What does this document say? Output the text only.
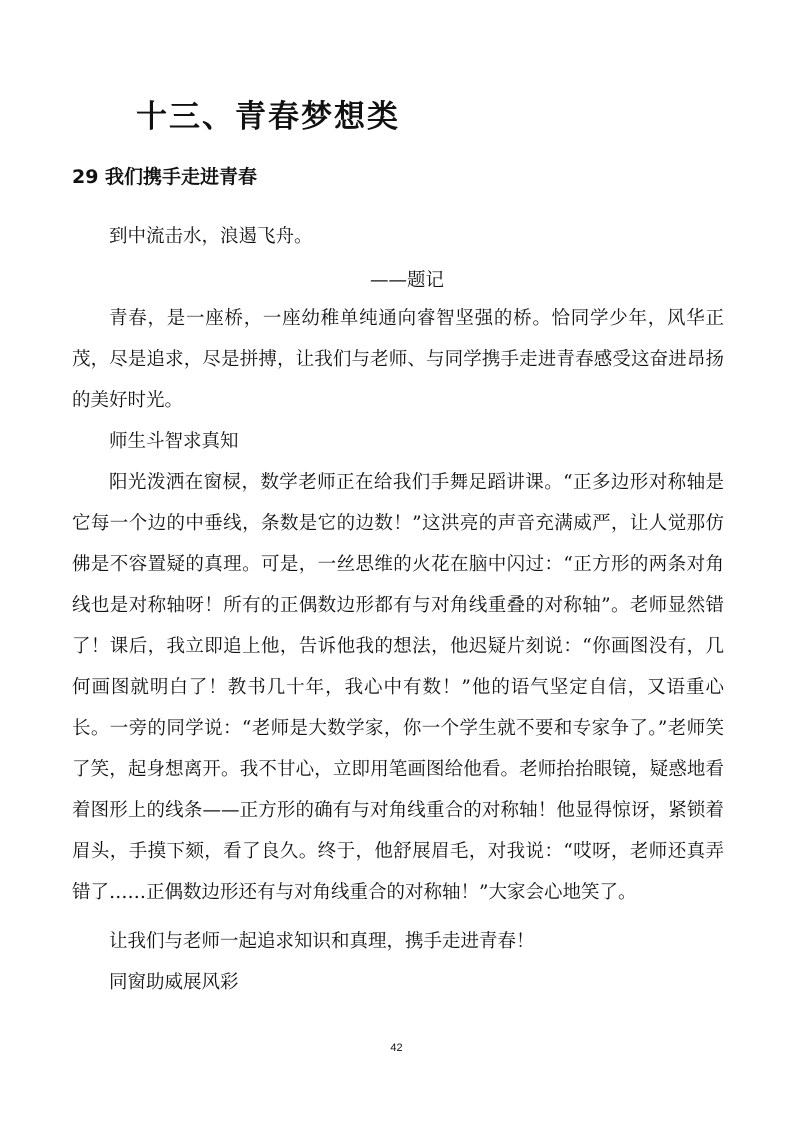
十三、青春梦想类
29 我们携手走进青春

到中流击水，浪遏飞舟。

——题记

青春，是一座桥，一座幼稚单纯通向睿智坚强的桥。恰同学少年，风华正茂，尽是追求，尽是拼搏，让我们与老师、与同学携手走进青春感受这奋进昂扬的美好时光。

师生斗智求真知

阳光泼洒在窗棂，数学老师正在给我们手舞足蹈讲课。“正多边形对称轴是它每一个边的中垂线，条数是它的边数！”这洪亮的声音充满威严，让人觉那仿佛是不容置疑的真理。可是，一丝思维的火花在脑中闪过：“正方形的两条对角线也是对称轴呀！所有的正偶数边形都有与对角线重叠的对称轴”。老师显然错了！课后，我立即追上他，告诉他我的想法，他迟疑片刻说：“你画图没有，几何画图就明白了！教书几十年，我心中有数！”他的语气坚定自信，又语重心长。一旁的同学说：“老师是大数学家，你一个学生就不要和专家争了。”老师笑了笑，起身想离开。我不甘心，立即用笔画图给他看。老师抬抬眼镜，疑惑地看着图形上的线条——正方形的确有与对角线重合的对称轴！他显得惊讶，紧锁着眉头，手摸下颏，看了良久。终于，他舒展眉毛，对我说：“哎呀，老师还真弄错了……正偶数边形还有与对角线重合的对称轴！”大家会心地笑了。

让我们与老师一起追求知识和真理，携手走进青春！

同窗助威展风彩

42
